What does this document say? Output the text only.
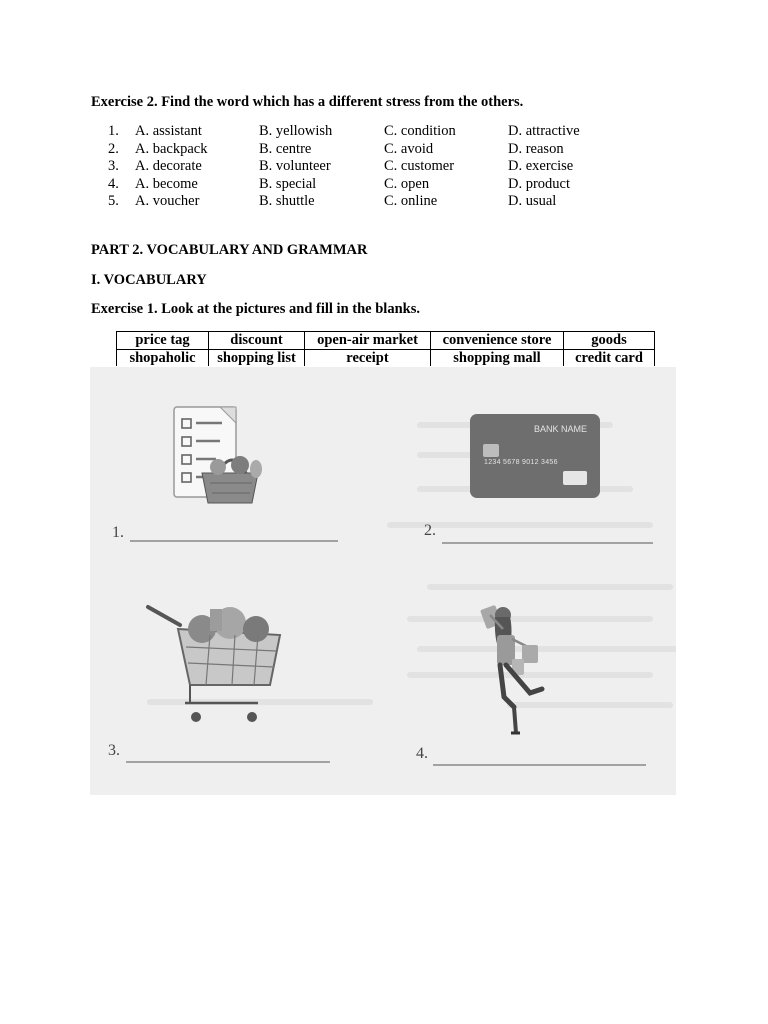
Exercise 2. Find the word which has a different stress from the others.
1. A. assistant	B. yellowish	C. condition	D. attractive
2. A. backpack	B. centre	C. avoid	D. reason
3. A. decorate	B. volunteer	C. customer	D. exercise
4. A. become	B. special	C. open	D. product
5. A. voucher	B. shuttle	C. online	D. usual
PART 2. VOCABULARY AND GRAMMAR
I. VOCABULARY
Exercise 1. Look at the pictures and fill in the blanks.
price tag	discount	open-air market	convenience store	goods
shopaholic	shopping list	receipt	shopping mall	credit card
BANK NAME
1234 5678 9012 3456
1.	2.
3.	4.
